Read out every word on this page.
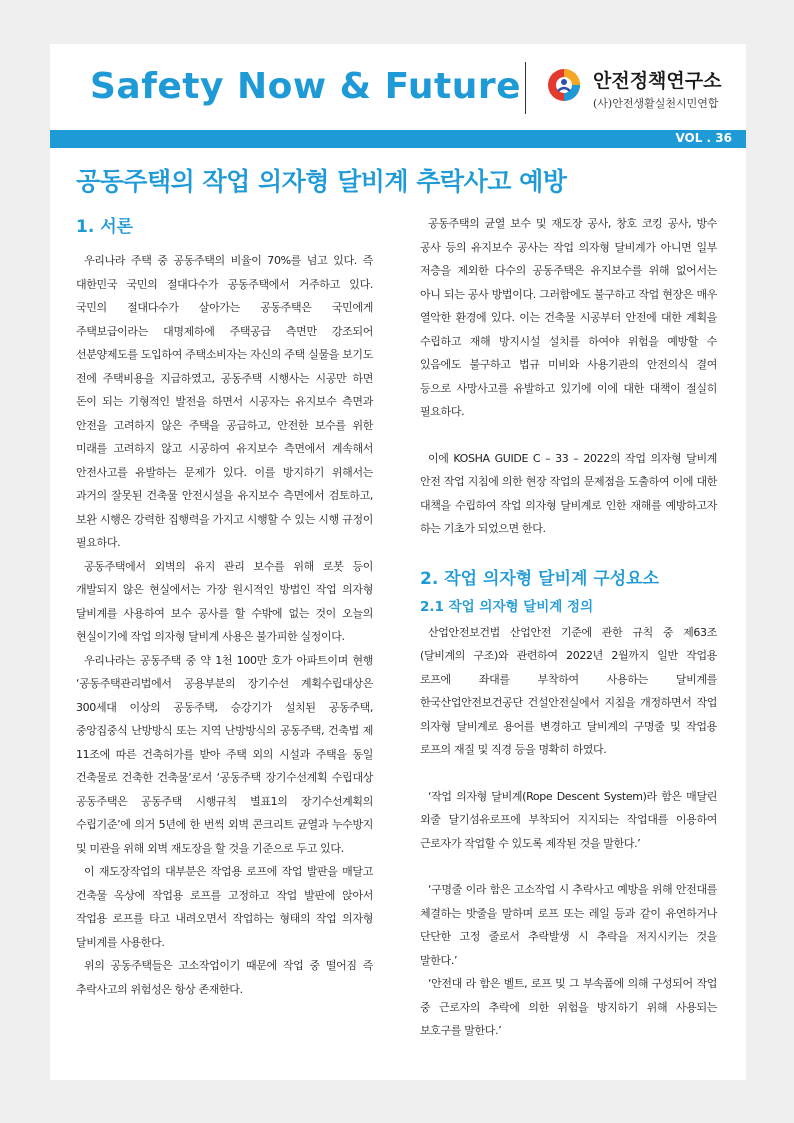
Safety Now & Future	안전정책연구소
(사)안전생활실천시민연합
VOL . 36
공동주택의 작업 의자형 달비계 추락사고 예방
1. 서론

우리나라 주택 중 공동주택의 비율이 70%를 넘고 있다. 즉 대한민국 국민의 절대다수가 공동주택에서 거주하고 있다. 국민의 절대다수가 살아가는 공동주택은 국민에게 주택보급이라는 대명제하에 주택공급 측면만 강조되어 선분양제도를 도입하여 주택소비자는 자신의 주택 실물을 보기도 전에 주택비용을 지급하였고, 공동주택 시행사는 시공만 하면 돈이 되는 기형적인 발전을 하면서 시공자는 유지보수 측면과 안전을 고려하지 않은 주택을 공급하고, 안전한 보수를 위한 미래를 고려하지 않고 시공하여 유지보수 측면에서 계속해서 안전사고를 유발하는 문제가 있다. 이를 방지하기 위해서는 과거의 잘못된 건축물 안전시설을 유지보수 측면에서 검토하고, 보완 시행은 강력한 집행력을 가지고 시행할 수 있는 시행 규정이 필요하다.

공동주택에서 외벽의 유지 관리 보수를 위해 로봇 등이 개발되지 않은 현실에서는 가장 원시적인 방법인 작업 의자형 달비계를 사용하여 보수 공사를 할 수밖에 없는 것이 오늘의 현실이기에 작업 의자형 달비계 사용은 불가피한 실정이다.

우리나라는 공동주택 중 약 1천 100만 호가 아파트이며 현행 ‘공동주택관리법에서 공용부분의 장기수선 계획수립대상은 300세대 이상의 공동주택, 승강기가 설치된 공동주택, 중앙집중식 난방방식 또는 지역 난방방식의 공동주택, 건축법 제 11조에 따른 건축허가를 받아 주택 외의 시설과 주택을 동일 건축물로 건축한 건축물’로서 ‘공동주택 장기수선계획 수립대상 공동주택은 공동주택 시행규칙 별표1의 장기수선계획의 수립기준’에 의거 5년에 한 번씩 외벽 콘크리트 균열과 누수방지 및 미관을 위해 외벽 재도장을 할 것을 기준으로 두고 있다.

이 재도장작업의 대부분은 작업용 로프에 작업 발판을 매달고 건축물 옥상에 작업용 로프를 고정하고 작업 발판에 앉아서 작업용 로프를 타고 내려오면서 작업하는 형태의 작업 의자형 달비계를 사용한다.

위의 공동주택들은 고소작업이기 때문에 작업 중 떨어짐 즉 추락사고의 위험성은 항상 존재한다.

공동주택의 균열 보수 및 재도장 공사, 창호 코킹 공사, 방수 공사 등의 유지보수 공사는 작업 의자형 달비계가 아니면 일부 저층을 제외한 다수의 공동주택은 유지보수를 위해 없어서는 아니 되는 공사 방법이다. 그러함에도 불구하고 작업 현장은 매우 열악한 환경에 있다. 이는 건축물 시공부터 안전에 대한 계획을 수립하고 재해 방지시설 설치를 하여야 위험을 예방할 수 있음에도 불구하고 법규 미비와 사용기관의 안전의식 결여 등으로 사망사고를 유발하고 있기에 이에 대한 대책이 절실히 필요하다.

이에 KOSHA GUIDE C – 33 – 2022의 작업 의자형 달비계 안전 작업 지침에 의한 현장 작업의 문제점을 도출하여 이에 대한 대책을 수립하여 작업 의자형 달비계로 인한 재해를 예방하고자 하는 기초가 되었으면 한다.

2. 작업 의자형 달비계 구성요소
2.1 작업 의자형 달비계 정의

산업안전보건법 산업안전 기준에 관한 규칙 중 제63조(달비계의 구조)와 관련하여 2022년 2월까지 일반 작업용 로프에 좌대를 부착하여 사용하는 달비계를 한국산업안전보건공단 건설안전실에서 지침을 개정하면서 작업 의자형 달비계로 용어를 변경하고 달비계의 구명줄 및 작업용 로프의 재질 및 직경 등을 명확히 하였다.

‘작업 의자형 달비계(Rope Descent System)라 함은 매달린 외줄 달기섬유로프에 부착되어 지지되는 작업대를 이용하여 근로자가 작업할 수 있도록 제작된 것을 말한다.’

‘구명줄 이라 함은 고소작업 시 추락사고 예방을 위해 안전대를 체결하는 밧줄을 말하며 로프 또는 레일 등과 같이 유연하거나 단단한 고정 줄로서 추락발생 시 추락을 저지시키는 것을 말한다.’

‘안전대 라 함은 벨트, 로프 및 그 부속품에 의해 구성되어 작업 중 근로자의 추락에 의한 위험을 방지하기 위해 사용되는 보호구를 말한다.’
